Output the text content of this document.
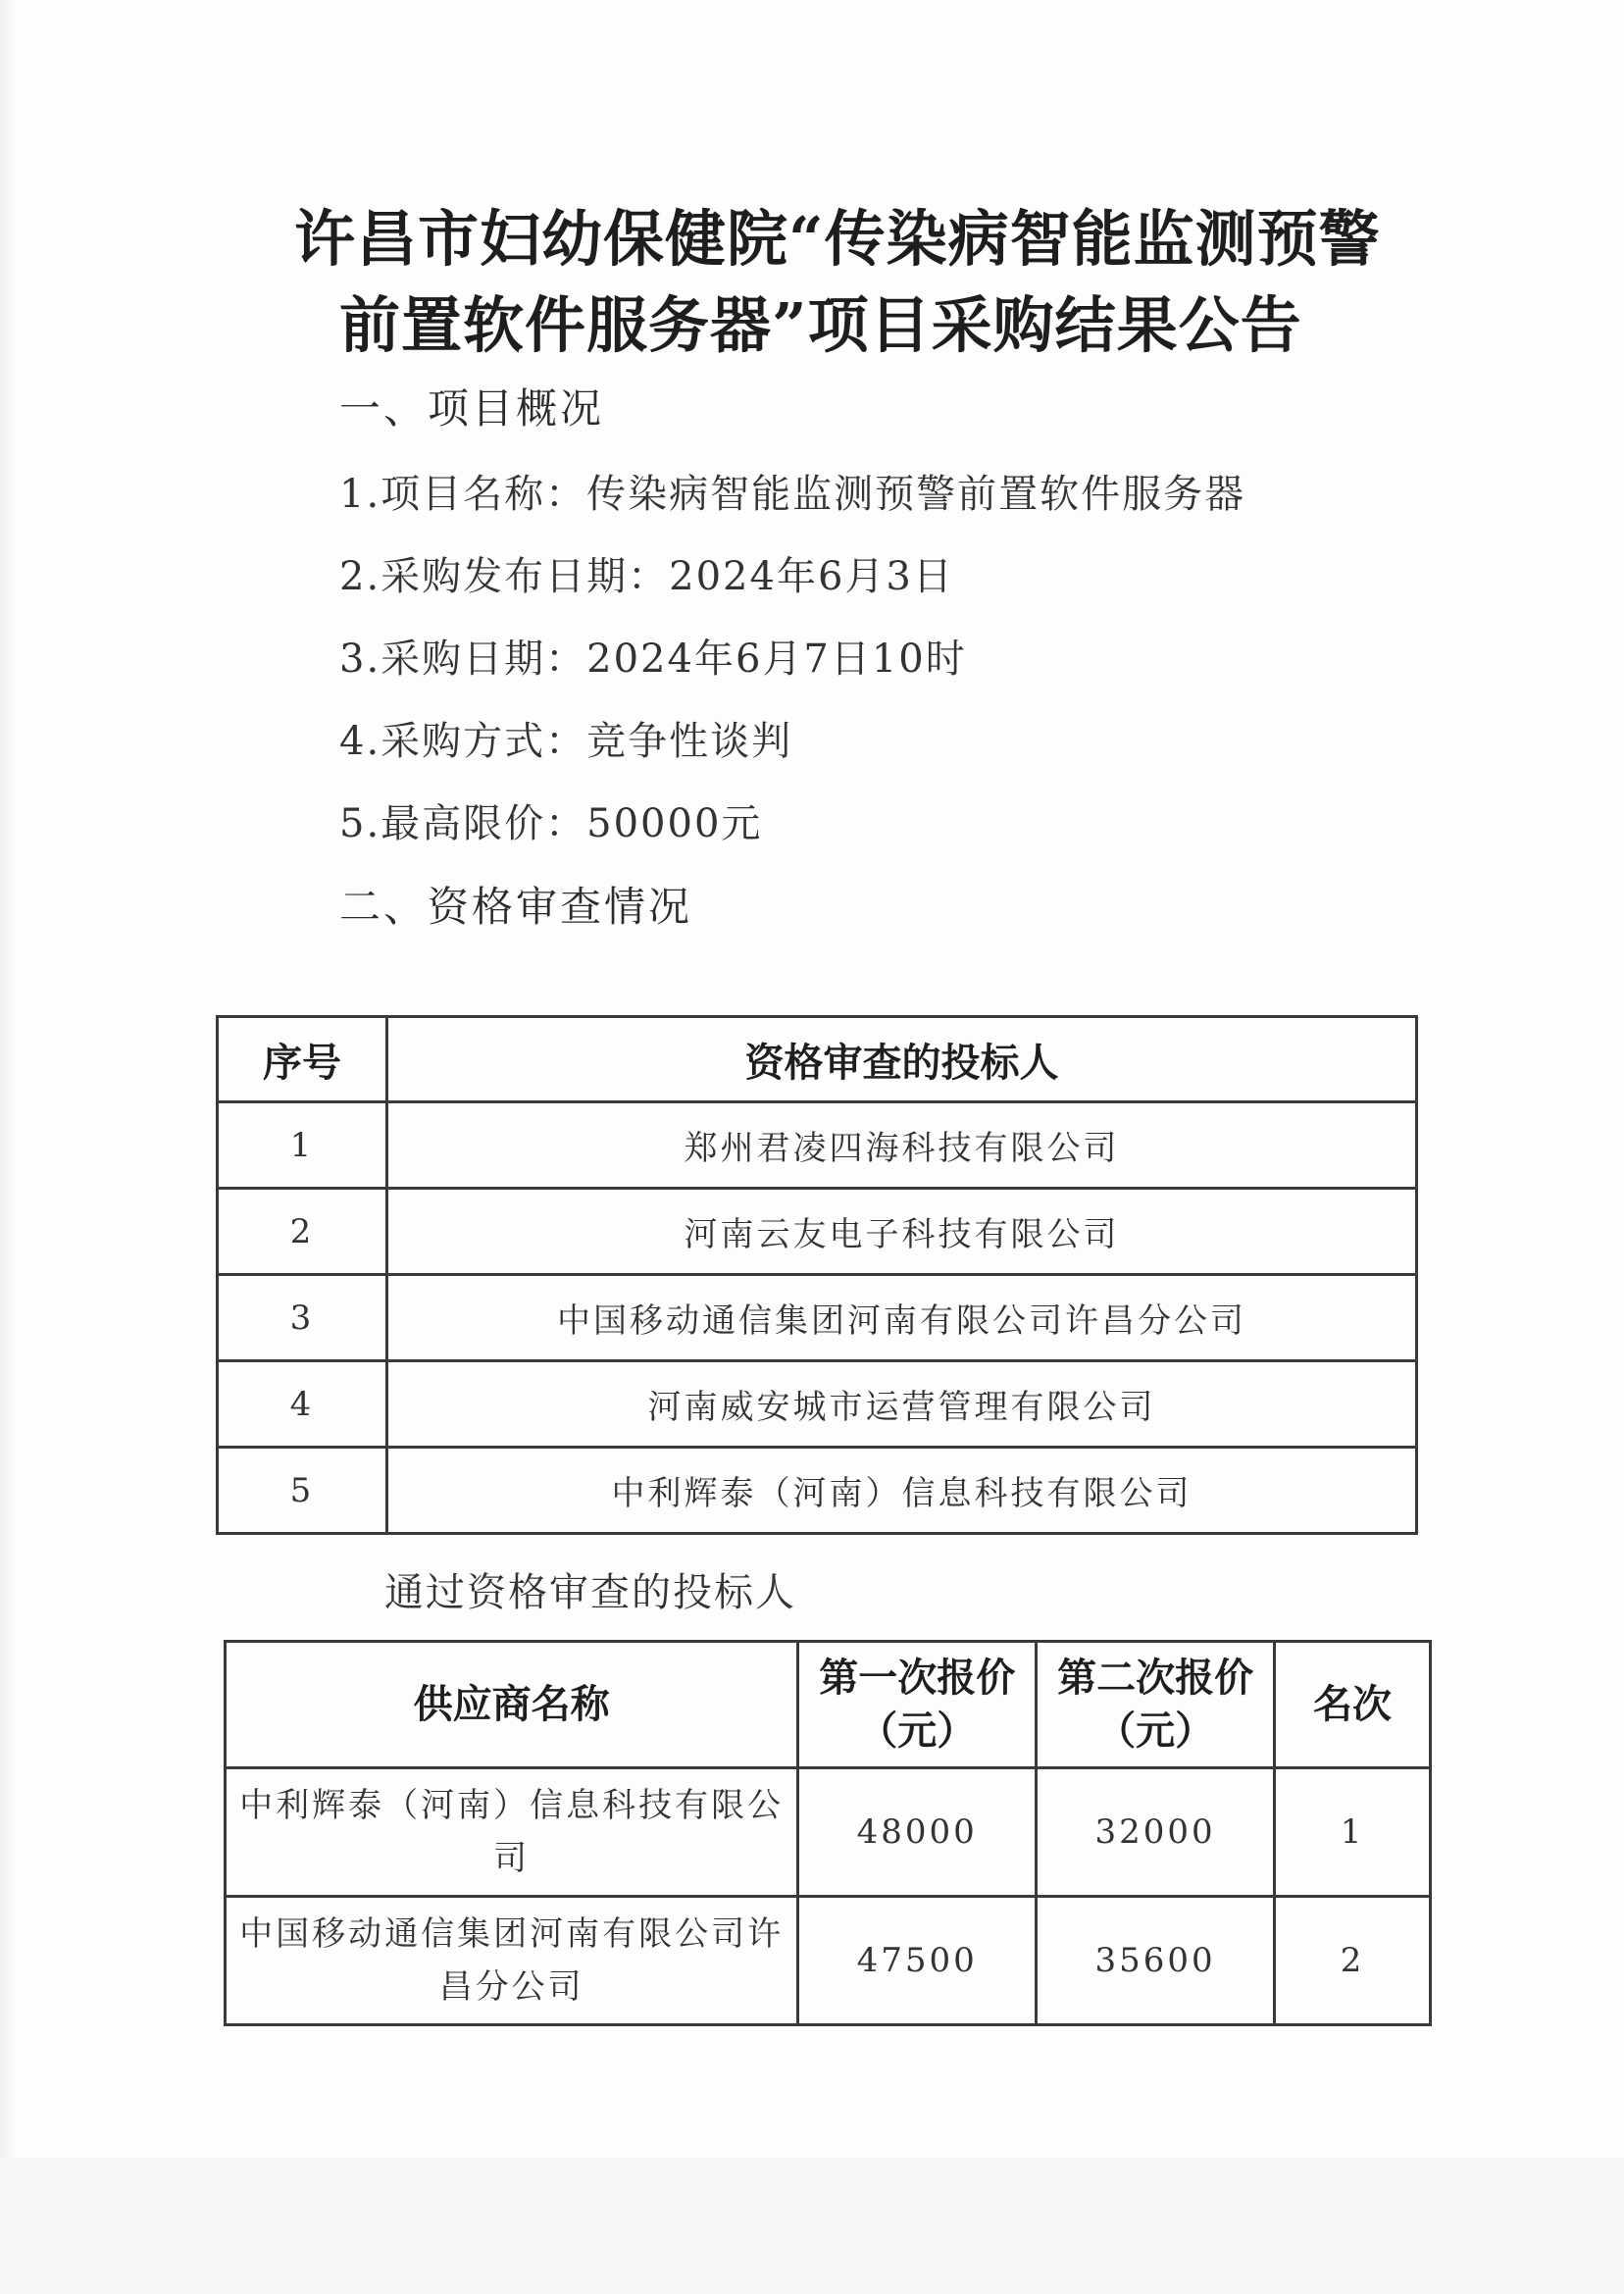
许昌市妇幼保健院“传染病智能监测预警
前置软件服务器”项目采购结果公告
一、项目概况
1.项目名称：传染病智能监测预警前置软件服务器
2.采购发布日期：2024年6月3日
3.采购日期：2024年6月7日10时
4.采购方式：竞争性谈判
5.最高限价：50000元
二、资格审查情况
序号	资格审查的投标人
1	郑州君凌四海科技有限公司
2	河南云友电子科技有限公司
3	中国移动通信集团河南有限公司许昌分公司
4	河南威安城市运营管理有限公司
5	中利辉泰（河南）信息科技有限公司
通过资格审查的投标人
供应商名称	第一次报价（元）	第二次报价（元）	名次
中利辉泰（河南）信息科技有限公司	48000	32000	1
中国移动通信集团河南有限公司许昌分公司	47500	35600	2
